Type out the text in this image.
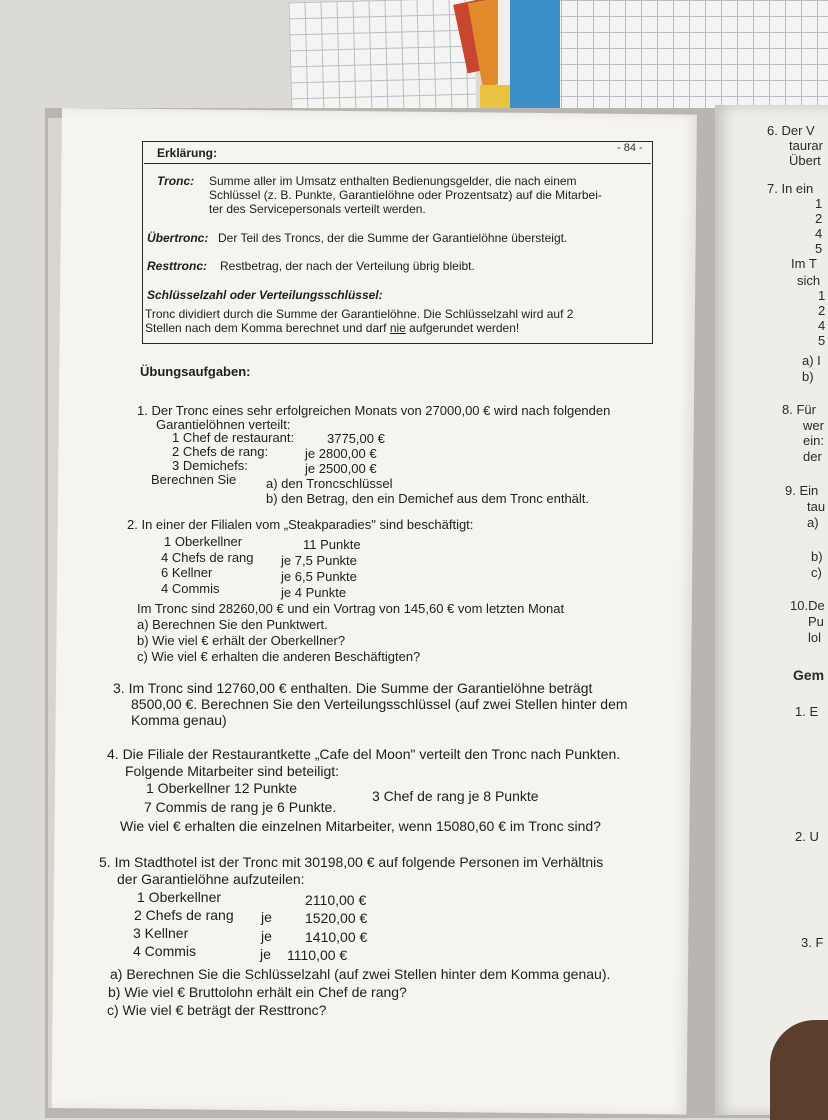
6. Der V
taurar
Übert
7. In ein
1
2
4
5
Im T
sich
1
2
4
5
a) I
b)
8. Für
wer
ein:
der
9. Ein
tau
a)
b)
c)
10.De
Pu
lol
Gem
1. E
2. U
3. F
- 84 -
Erklärung:
Tronc: Summe aller im Umsatz enthalten Bedienungsgelder, die nach einem
Schlüssel (z. B. Punkte, Garantielöhne oder Prozentsatz) auf die Mitarbei-
ter des Servicepersonals verteilt werden.
Übertronc: Der Teil des Troncs, der die Summe der Garantielöhne übersteigt.
Resttronc: Restbetrag, der nach der Verteilung übrig bleibt.
Schlüsselzahl oder Verteilungsschlüssel:
Tronc dividiert durch die Summe der Garantielöhne. Die Schlüsselzahl wird auf 2
Stellen nach dem Komma berechnet und darf nie aufgerundet werden!
Übungsaufgaben:
1. Der Tronc eines sehr erfolgreichen Monats von 27000,00 € wird nach folgenden
Garantielöhnen verteilt:
1 Chef de restaurant:	3775,00 €
2 Chefs de rang:	je 2800,00 €
3 Demichefs:	je 2500,00 €
Berechnen Sie a) den Troncschlüssel
b) den Betrag, den ein Demichef aus dem Tronc enthält.
2. In einer der Filialen vom „Steakparadies" sind beschäftigt:
1 Oberkellner	11 Punkte
4 Chefs de rang je 7,5 Punkte
6 Kellner	je 6,5 Punkte
4 Commis	je 4 Punkte
Im Tronc sind 28260,00 € und ein Vortrag von 145,60 € vom letzten Monat
a) Berechnen Sie den Punktwert.
b) Wie viel € erhält der Oberkellner?
c) Wie viel € erhalten die anderen Beschäftigten?
3. Im Tronc sind 12760,00 € enthalten. Die Summe der Garantielöhne beträgt
8500,00 €. Berechnen Sie den Verteilungsschlüssel (auf zwei Stellen hinter dem
Komma genau)
4. Die Filiale der Restaurantkette „Cafe del Moon" verteilt den Tronc nach Punkten.
Folgende Mitarbeiter sind beteiligt:
1 Oberkellner 12 Punkte	3 Chef de rang je 8 Punkte
7 Commis de rang je 6 Punkte.
Wie viel € erhalten die einzelnen Mitarbeiter, wenn 15080,60 € im Tronc sind?
5. Im Stadthotel ist der Tronc mit 30198,00 € auf folgende Personen im Verhältnis
der Garantielöhne aufzuteilen:
1 Oberkellner	2110,00 €
2 Chefs de rang je 1520,00 €
3 Kellner	je 1410,00 €
4 Commis	je 1110,00 €
a) Berechnen Sie die Schlüsselzahl (auf zwei Stellen hinter dem Komma genau).
b) Wie viel € Bruttolohn erhält ein Chef de rang?
c) Wie viel € beträgt der Resttronc?
